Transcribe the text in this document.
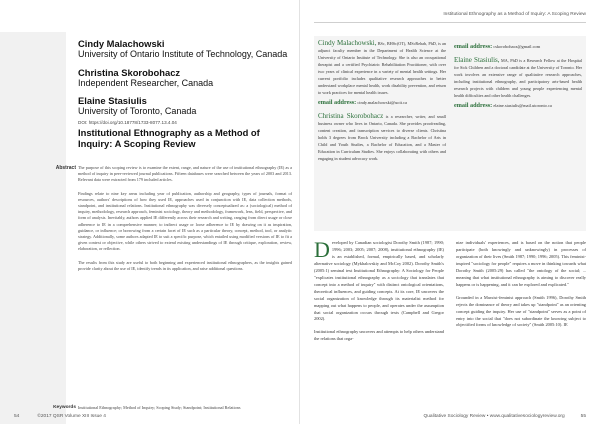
Cindy Malachowski
University of Ontario Institute of Technology, Canada
Christina Skorobohacz
Independent Researcher, Canada
Elaine Stasiulis
University of Toronto, Canada
DOI: https://doi.org/10.18778/1733-8077.13.4.04
Institutional Ethnography as a Method of Inquiry: A Scoping Review
Abstract The purpose of this scoping review is to examine the extent, range, and nature of the use of institutional ethnography (IE) as a method of inquiry in peer-reviewed journal publications. Fifteen databases were searched between the years of 2003 and 2013. Relevant data were extracted from 179 included articles.

Findings relate to nine key areas including year of publication, authorship and geography, types of journals, format of resources, authors' descriptions of how they used IE, approaches used in conjunction with IE, data collection methods, standpoint, and institutional relations. Institutional ethnography was diversely conceptualized as: a (sociological) method of inquiry, methodology, research approach, feminist sociology, theory and methodology, framework, lens, field, perspective, and form of analysis. Inevitably, authors applied IE differently across their research and writing, ranging from direct usage or close adherence to IE in a comprehensive manner; to indirect usage or loose adherence to IE by drawing on it as inspiration, guidance, or influence; or borrowing from a certain facet of IE such as a particular theory, concept, method, tool, or analytic strategy. Additionally, some authors adapted IE to suit a specific purpose, which entailed using modified versions of IE to fit a given context or objective, while others strived to extend existing understandings of IE through critique, exploration, review, elaboration, or reflection.

The results from this study are useful to both beginning and experienced institutional ethnographers, as the insights gained provide clarity about the use of IE, identify trends in its application, and raise additional questions.

Keywords Institutional Ethnography; Method of Inquiry; Scoping Study; Standpoint; Institutional Relations
54	©2017 QSR Volume XIII Issue 4
Institutional Ethnography as a Method of Inquiry: A Scoping Review
Cindy Malachowski, BSc, BHSc(OT), MScRehab, PhD, is an adjunct faculty member in the Department of Health Science at the University of Ontario Institute of Technology. She is also an occupational therapist and a certified Psychiatric Rehabilitation Practitioner, with over two years of clinical experience in a variety of mental health settings. Her current portfolio includes qualitative research approaches to better understand workplace mental health, work disability prevention, and return to work practices for mental health issues.
email address: cindy.malachowski@uoit.ca
Christina Skorobohacz is a researcher, writer, and small business owner who lives in Ontario, Canada. She provides proofreading, content creation, and transcription services to diverse clients. Christina holds 3 degrees from Brock University including a Bachelor of Arts in Child and Youth Studies, a Bachelor of Education, and a Master of Education in Curriculum Studies. She enjoys collaborating with others and engaging in student advocacy work.
email address: cskorobohacz@gmail.com
Elaine Stasiulis, MA, PhD is a Research Fellow at the Hospital for Sick Children and a doctoral candidate at the University of Toronto. Her work involves an extensive range of qualitative research approaches, including institutional ethnography, and participatory arts-based health research projects with children and young people experiencing mental health difficulties and other health challenges.
email address: elaine.stasiulis@mail.utoronto.ca

Developed by Canadian sociologist Dorothy Smith (1987; 1990; 1996; 2003; 2005; 2007; 2008), institutional ethnography (IE) is an established, formal, empirically based, and scholarly alternative sociology (Mykhalovskiy and McCoy 2002). Dorothy Smith's (2005:1) seminal text Institutional Ethnography: A Sociology for People "explicates institutional ethnography as a sociology that translates that concept into a method of inquiry" with distinct ontological orientations, theoretical influences, and guiding concepts. At its core, IE uncovers the social organization of knowledge through its materialist method for mapping out what happens to people, and operates under the assumption that social organization occurs through texts (Campbell and Gregor 2002).

Institutional ethnography uncovers and attempts to help others understand the relations that orga-

nize individuals' experiences, and is based on the notion that people participate (both knowingly and unknowingly) in processes of organization of their lives (Smith 1987; 1990; 1996; 2005). This feminist-inspired "sociology for people" requires a move in thinking towards what Dorothy Smith (2005:29) has called "the ontology of the social; ... meaning that what institutional ethnography is aiming to discover really happens or is happening, and it can be explored and explicated."

Grounded in a Marxist-feminist approach (Smith 1996), Dorothy Smith rejects the dominance of theory and takes up "standpoint" as an orienting concept guiding the inquiry. Her use of "standpoint" serves as a point of entry into the social that "does not subordinate the knowing subject to objectified forms of knowledge of society" (Smith 2005:10). IE

Qualitative Sociology Review • www.qualitativesociologyreview.org	55
